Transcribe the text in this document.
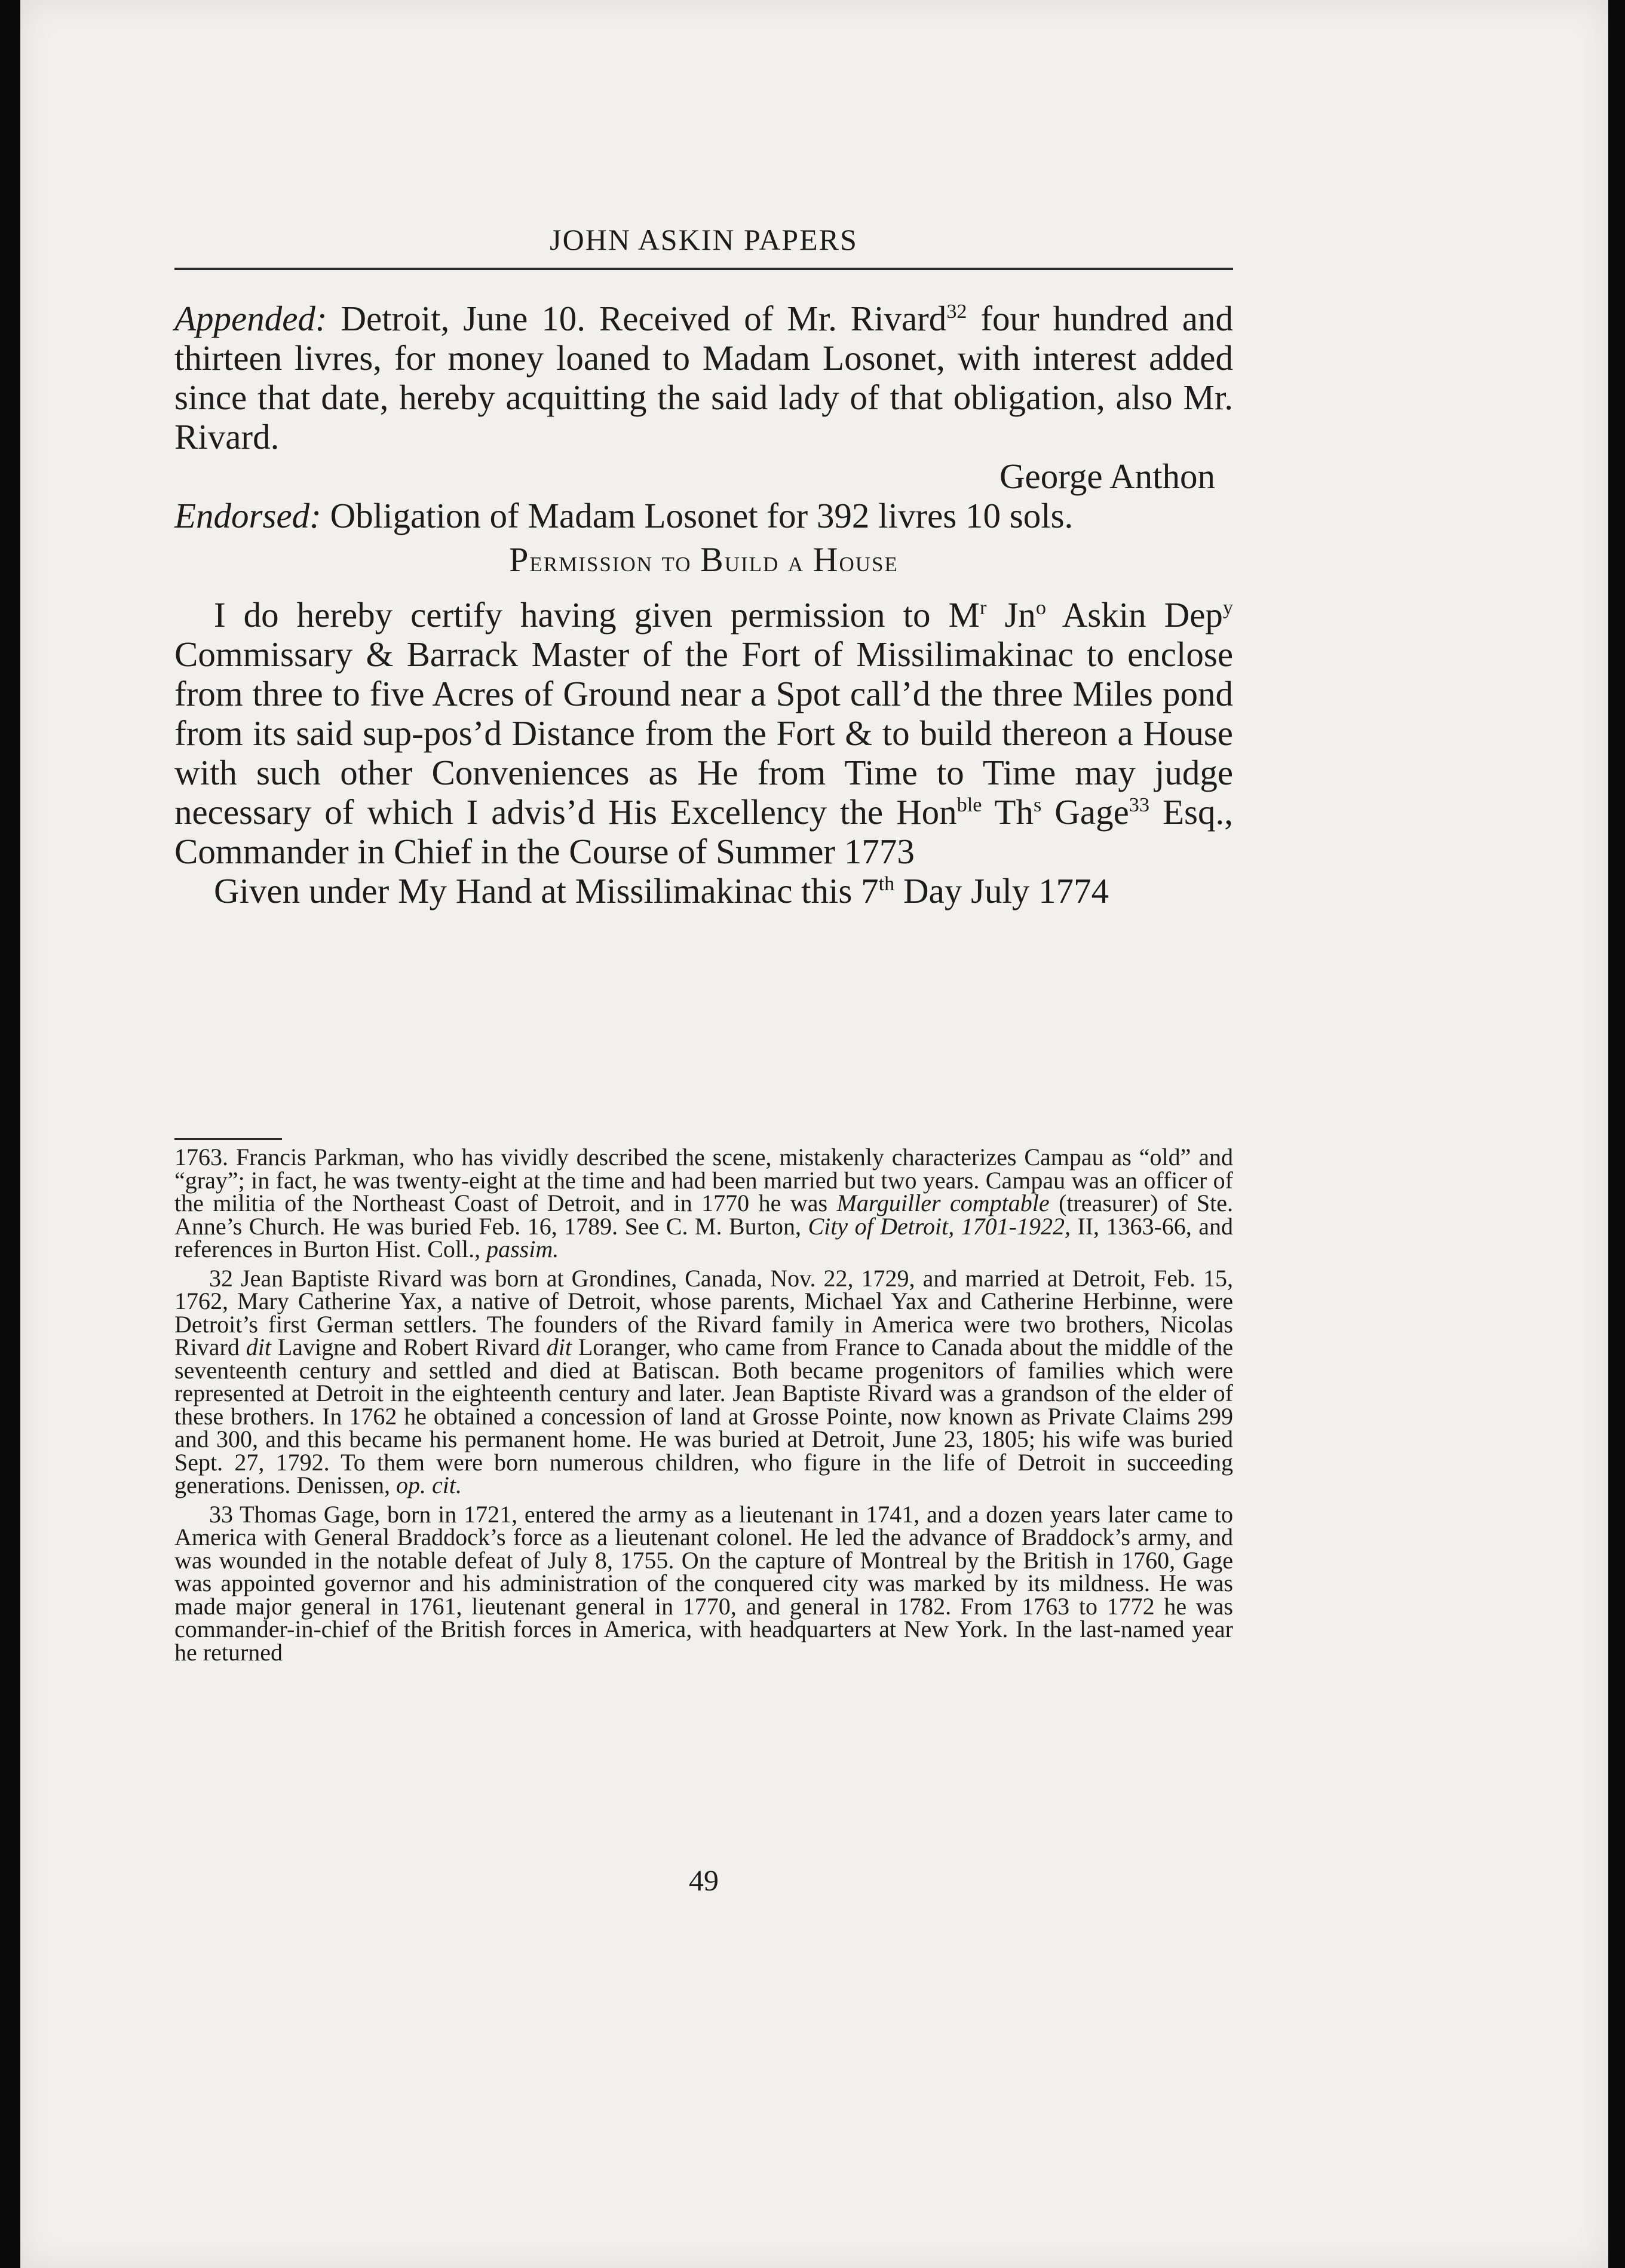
JOHN ASKIN PAPERS

Appended: Detroit, June 10. Received of Mr. Rivard$^{32}$ four hundred and thirteen livres, for money loaned to Madam Losonet, with interest added since that date, hereby acquitting the said lady of that obligation, also Mr. Rivard.

George Anthon

Endorsed: Obligation of Madam Losonet for 392 livres 10 sols.

Permission to Build a House

I do hereby certify having given permission to $M^r$ Jn$^o$ Askin Dep$^y$ Commissary & Barrack Master of the Fort of Missilimakinac to enclose from three to five Acres of Ground near a Spot call’d the three Miles pond from its said sup-pos’d Distance from the Fort & to build thereon a House with such other Conveniences as He from Time to Time may judge necessary of which I advis’d His Excellency the Hon$^{ble}$ Th$^s$ Gage$^{33}$ Esq., Commander in Chief in the Course of Summer 1773

Given under My Hand at Missilimakinac this 7th Day July 1774

1763. Francis Parkman, who has vividly described the scene, mistakenly characterizes Campau as “old” and “gray”; in fact, he was twenty-eight at the time and had been married but two years. Campau was an officer of the militia of the Northeast Coast of Detroit, and in 1770 he was Marguiller comptable (treasurer) of Ste. Anne’s Church. He was buried Feb. 16, 1789. See C. M. Burton, City of Detroit, 1701-1922, II, 1363-66, and references in Burton Hist. Coll., passim.

32 Jean Baptiste Rivard was born at Grondines, Canada, Nov. 22, 1729, and married at Detroit, Feb. 15, 1762, Mary Catherine Yax, a native of Detroit, whose parents, Michael Yax and Catherine Herbinne, were Detroit’s first German settlers. The founders of the Rivard family in America were two brothers, Nicolas Rivard dit Lavigne and Robert Rivard dit Loranger, who came from France to Canada about the middle of the seventeenth century and settled and died at Batiscan. Both became progenitors of families which were represented at Detroit in the eighteenth century and later. Jean Baptiste Rivard was a grandson of the elder of these brothers. In 1762 he obtained a concession of land at Grosse Pointe, now known as Private Claims 299 and 300, and this became his permanent home. He was buried at Detroit, June 23, 1805; his wife was buried Sept. 27, 1792. To them were born numerous children, who figure in the life of Detroit in succeeding generations. Denissen, op. cit.

33 Thomas Gage, born in 1721, entered the army as a lieutenant in 1741, and a dozen years later came to America with General Braddock’s force as a lieutenant colonel. He led the advance of Braddock’s army, and was wounded in the notable defeat of July 8, 1755. On the capture of Montreal by the British in 1760, Gage was appointed governor and his administration of the conquered city was marked by its mildness. He was made major general in 1761, lieutenant general in 1770, and general in 1782. From 1763 to 1772 he was commander-in-chief of the British forces in America, with headquarters at New York. In the last-named year he returned

49
